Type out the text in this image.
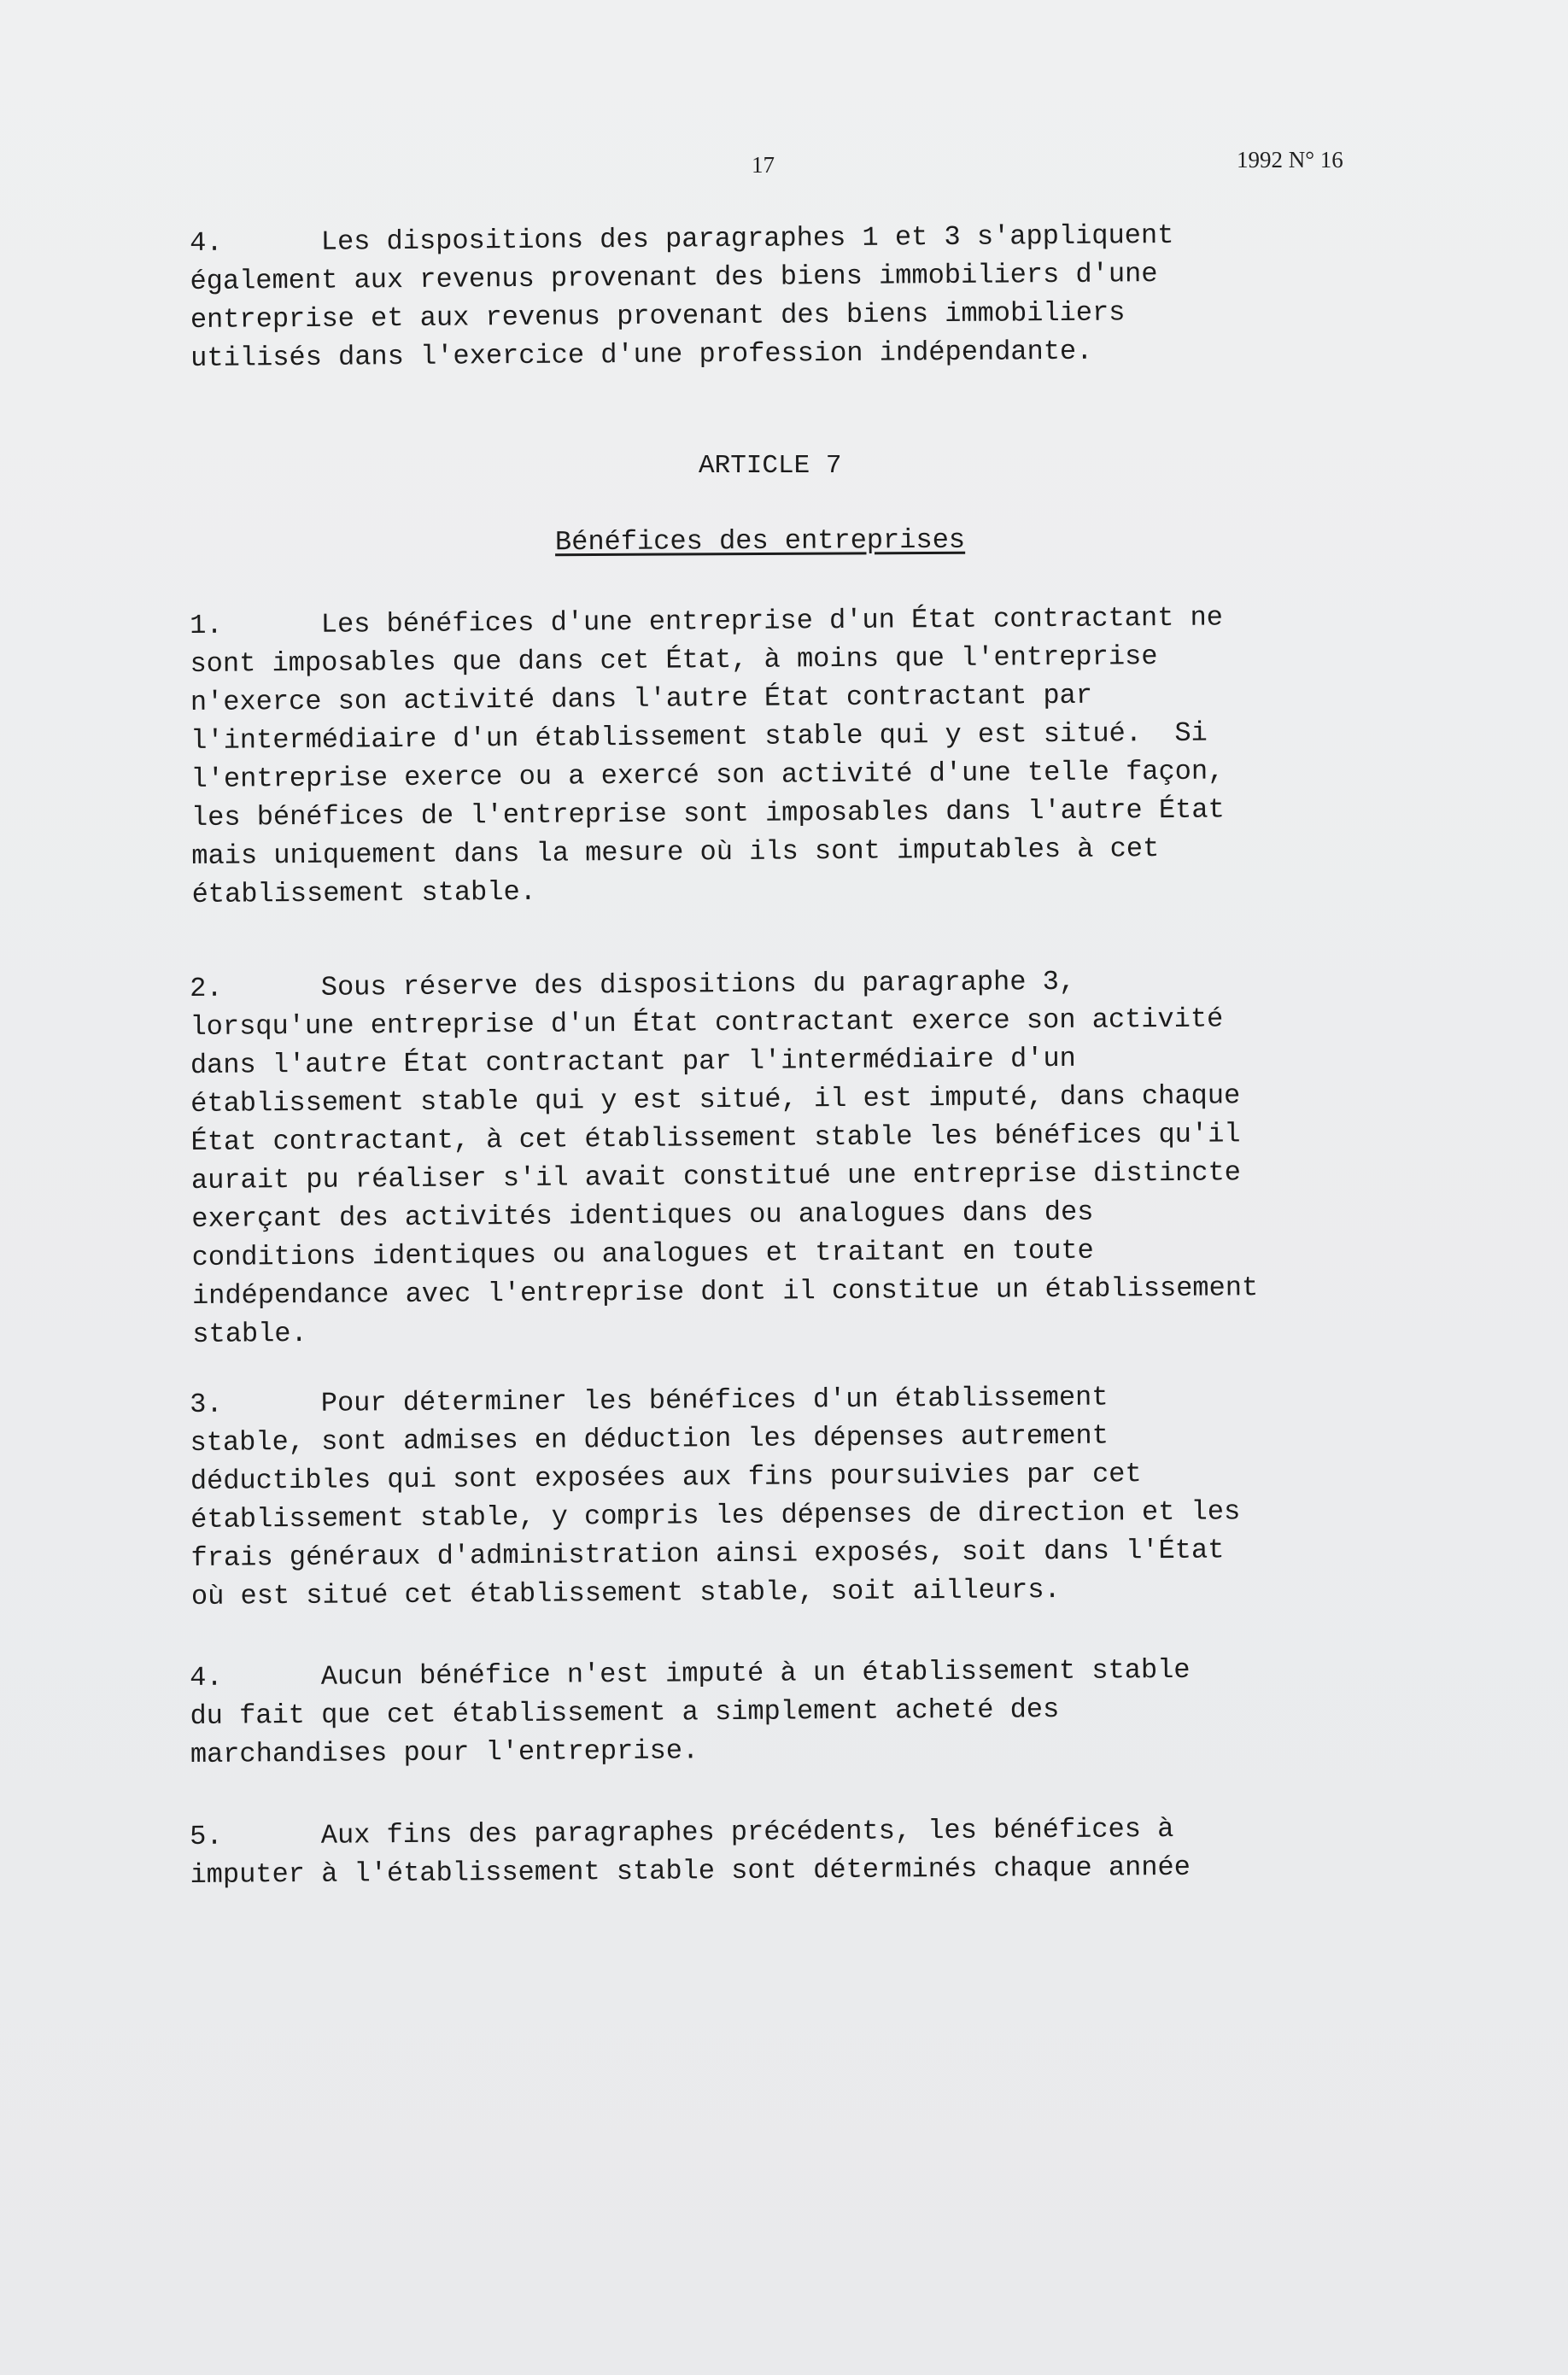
17	1992 N° 16
4.      Les dispositions des paragraphes 1 et 3 s'appliquent
également aux revenus provenant des biens immobiliers d'une
entreprise et aux revenus provenant des biens immobiliers
utilisés dans l'exercice d'une profession indépendante.
ARTICLE 7
Bénéfices des entreprises
1.      Les bénéfices d'une entreprise d'un État contractant ne
sont imposables que dans cet État, à moins que l'entreprise
n'exerce son activité dans l'autre État contractant par
l'intermédiaire d'un établissement stable qui y est situé.  Si
l'entreprise exerce ou a exercé son activité d'une telle façon,
les bénéfices de l'entreprise sont imposables dans l'autre État
mais uniquement dans la mesure où ils sont imputables à cet
établissement stable.
2.      Sous réserve des dispositions du paragraphe 3,
lorsqu'une entreprise d'un État contractant exerce son activité
dans l'autre État contractant par l'intermédiaire d'un
établissement stable qui y est situé, il est imputé, dans chaque
État contractant, à cet établissement stable les bénéfices qu'il
aurait pu réaliser s'il avait constitué une entreprise distincte
exerçant des activités identiques ou analogues dans des
conditions identiques ou analogues et traitant en toute
indépendance avec l'entreprise dont il constitue un établissement
stable.
3.      Pour déterminer les bénéfices d'un établissement
stable, sont admises en déduction les dépenses autrement
déductibles qui sont exposées aux fins poursuivies par cet
établissement stable, y compris les dépenses de direction et les
frais généraux d'administration ainsi exposés, soit dans l'État
où est situé cet établissement stable, soit ailleurs.
4.      Aucun bénéfice n'est imputé à un établissement stable
du fait que cet établissement a simplement acheté des
marchandises pour l'entreprise.
5.      Aux fins des paragraphes précédents, les bénéfices à
imputer à l'établissement stable sont déterminés chaque année
